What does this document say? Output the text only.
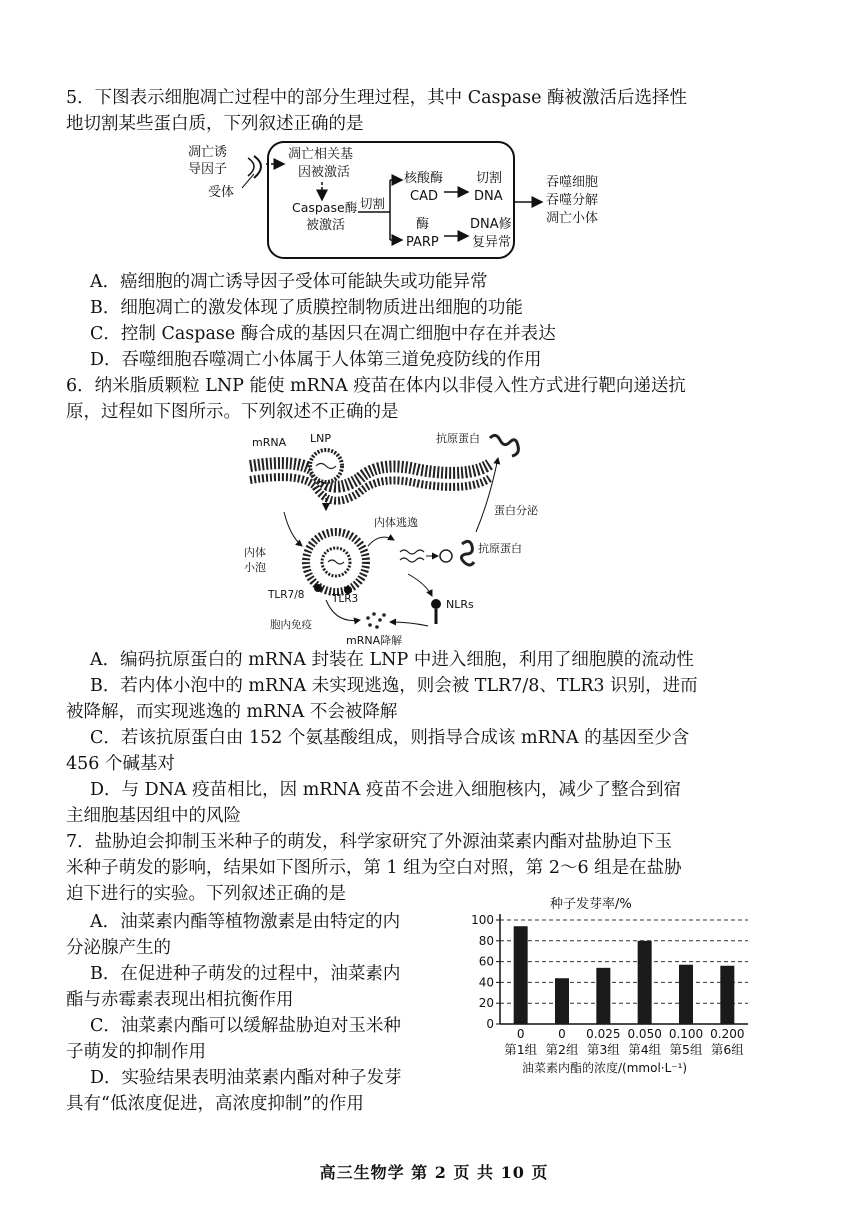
5．下图表示细胞凋亡过程中的部分生理过程，其中 Caspase 酶被激活后选择性
地切割某些蛋白质，下列叙述正确的是
凋亡诱
导因子
受体
凋亡相关基
因被激活
Caspase酶
被激活
切割
核酸酶
CAD
切割
DNA
酶
PARP
DNA修
复异常
吞噬细胞
吞噬分解
凋亡小体
A．癌细胞的凋亡诱导因子受体可能缺失或功能异常
B．细胞凋亡的激发体现了质膜控制物质进出细胞的功能
C．控制 Caspase 酶合成的基因只在凋亡细胞中存在并表达
D．吞噬细胞吞噬凋亡小体属于人体第三道免疫防线的作用
6．纳米脂质颗粒 LNP 能使 mRNA 疫苗在体内以非侵入性方式进行靶向递送抗
原，过程如下图所示。下列叙述不正确的是
mRNA LNP	抗原蛋白
内体
小泡
TLR7/8	TLR3
内体逃逸
抗原蛋白
蛋白分泌
NLRs
胞内免疫
mRNA降解
A．编码抗原蛋白的 mRNA 封装在 LNP 中进入细胞，利用了细胞膜的流动性
B．若内体小泡中的 mRNA 未实现逃逸，则会被 TLR7/8、TLR3 识别，进而
被降解，而实现逃逸的 mRNA 不会被降解
C．若该抗原蛋白由 152 个氨基酸组成，则指导合成该 mRNA 的基因至少含
456 个碱基对
D．与 DNA 疫苗相比，因 mRNA 疫苗不会进入细胞核内，减少了整合到宿
主细胞基因组中的风险
7．盐胁迫会抑制玉米种子的萌发，科学家研究了外源油菜素内酯对盐胁迫下玉
米种子萌发的影响，结果如下图所示，第 1 组为空白对照，第 2～6 组是在盐胁
迫下进行的实验。下列叙述正确的是
A．油菜素内酯等植物激素是由特定的内
分泌腺产生的
B．在促进种子萌发的过程中，油菜素内
酯与赤霉素表现出相抗衡作用
C．油菜素内酯可以缓解盐胁迫对玉米种
子萌发的抑制作用
D．实验结果表明油菜素内酯对种子发芽
具有“低浓度促进，高浓度抑制”的作用
种子发芽率/%
油菜素内酯的浓度/(mmol·L⁻¹)
0
20
40
60
80
100
0
第1组
0
第2组
0.025
第3组
0.050
第4组
0.100
第5组
0.200
第6组
高三生物学 第 2 页 共 10 页
